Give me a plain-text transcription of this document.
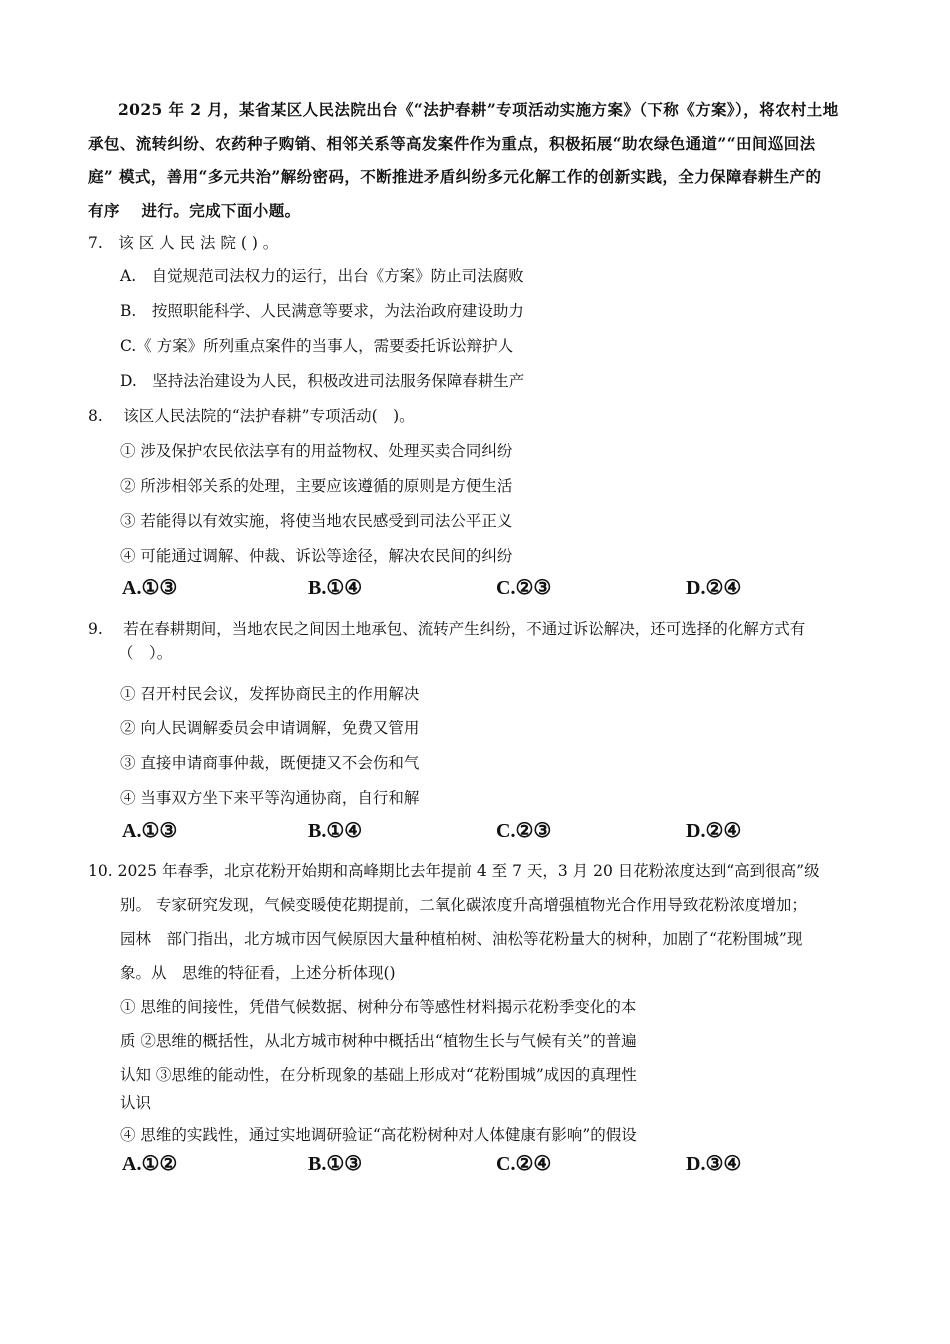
2025 年 2 月，某省某区人民法院出台《“法护春耕”专项活动实施方案》（下称《方案》），将农村土地
承包、流转纠纷、农药种子购销、相邻关系等高发案件作为重点，积极拓展“助农绿色通道”“田间巡回法
庭” 模式，善用“多元共治”解纷密码，不断推进矛盾纠纷多元化解工作的创新实践，全力保障春耕生产的
有序　 进行。完成下面小题。
7.　该 区 人 民 法 院 ( ) 。
A.　自觉规范司法权力的运行，出台《方案》防止司法腐败
B.　按照职能科学、人民满意等要求，为法治政府建设助力
C.《 方案》所列重点案件的当事人，需要委托诉讼辩护人
D.　坚持法治建设为人民，积极改进司法服务保障春耕生产
8.　 该区人民法院的“法护春耕”专项活动(　)。
① 涉及保护农民依法享有的用益物权、处理买卖合同纠纷
② 所涉相邻关系的处理，主要应该遵循的原则是方便生活
③ 若能得以有效实施，将使当地农民感受到司法公平正义
④ 可能通过调解、仲裁、诉讼等途径，解决农民间的纠纷
A.①③	B.①④	C.②③	D.②④
9.　 若在春耕期间，当地农民之间因土地承包、流转产生纠纷，不通过诉讼解决，还可选择的化解方式有
（　）。
① 召开村民会议，发挥协商民主的作用解决
② 向人民调解委员会申请调解，免费又管用
③ 直接申请商事仲裁，既便捷又不会伤和气
④ 当事双方坐下来平等沟通协商，自行和解
A.①③	B.①④	C.②③	D.②④
10. 2025 年春季，北京花粉开始期和高峰期比去年提前 4 至 7 天，3 月 20 日花粉浓度达到“高到很高”级
别。 专家研究发现，气候变暖使花期提前，二氧化碳浓度升高增强植物光合作用导致花粉浓度增加；
园林　部门指出，北方城市因气候原因大量种植柏树、油松等花粉量大的树种，加剧了“花粉围城”现
象。从　思维的特征看，上述分析体现()
① 思维的间接性，凭借气候数据、树种分布等感性材料揭示花粉季变化的本
质 ②思维的概括性，从北方城市树种中概括出“植物生长与气候有关”的普遍
认知 ③思维的能动性，在分析现象的基础上形成对“花粉围城”成因的真理性
认识
④ 思维的实践性，通过实地调研验证“高花粉树种对人体健康有影响”的假设
A.①②	B.①③	C.②④	D.③④
